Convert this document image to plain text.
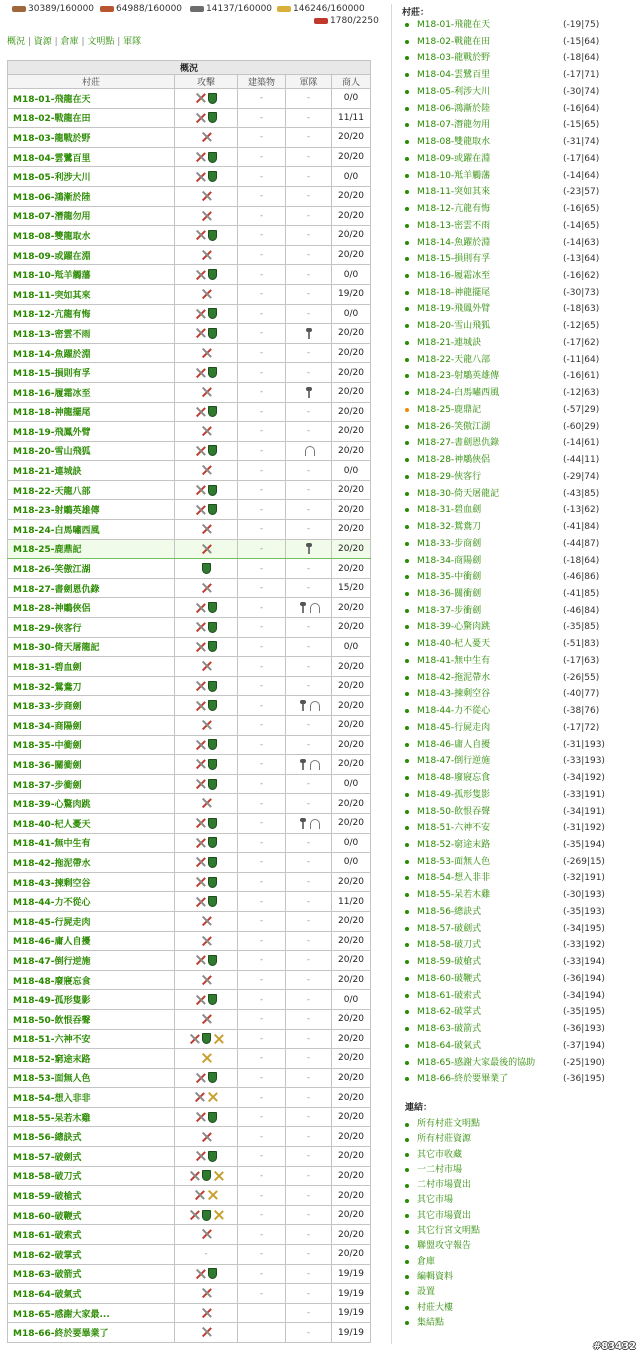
30389/160000	64988/160000	14137/160000	146246/160000
1780/2250
概況 | 資源 | 倉庫 | 文明點 | 軍隊
概況				
村莊	攻擊	建築物	軍隊	商人
M18-01-飛龍在天		-	-	0/0
M18-02-戰龍在田		-	-	11/11
M18-03-龍戰於野		-	-	20/20
M18-04-雲鷺百里		-	-	20/20
M18-05-利涉大川		-	-	0/0
M18-06-鴻漸於陸		-	-	20/20
M18-07-潛龍勿用		-	-	20/20
M18-08-雙龍取水		-	-	20/20
M18-09-或躍在淵		-	-	20/20
M18-10-羝羊觸藩		-	-	0/0
M18-11-突如其來		-	-	19/20
M18-12-亢龍有悔		-	-	0/0
M18-13-密雲不雨		-		20/20
M18-14-魚躍於淵		-	-	20/20
M18-15-損則有孚		-	-	20/20
M18-16-履霜冰至		-		20/20
M18-18-神龍擺尾		-	-	20/20
M18-19-飛鳳外臂		-	-	20/20
M18-20-雪山飛狐		-		20/20
M18-21-連城訣		-	-	0/0
M18-22-天龍八部		-	-	20/20
M18-23-射鵰英雄傳		-	-	20/20
M18-24-白馬嘯西風		-	-	20/20
M18-25-鹿鼎記		-		20/20
M18-26-笑傲江湖		-	-	20/20
M18-27-書劍恩仇錄		-	-	15/20
M18-28-神鵰俠侶		-		20/20
M18-29-俠客行		-	-	20/20
M18-30-倚天屠龍記		-	-	0/0
M18-31-碧血劍		-	-	20/20
M18-32-鴛鴦刀		-	-	20/20
M18-33-步商劍		-		20/20
M18-34-商陽劍		-	-	20/20
M18-35-中衝劍		-	-	20/20
M18-36-關衝劍		-		20/20
M18-37-步衝劍		-	-	0/0
M18-39-心驚肉跳		-	-	20/20
M18-40-杞人憂天		-		20/20
M18-41-無中生有		-	-	0/0
M18-42-拖泥帶水		-	-	0/0
M18-43-揀剩空谷		-	-	20/20
M18-44-力不從心		-	-	11/20
M18-45-行屍走肉		-	-	20/20
M18-46-庸人自擾		-	-	20/20
M18-47-倒行逆施		-	-	20/20
M18-48-廢寢忘食		-	-	20/20
M18-49-孤形隻影		-	-	0/0
M18-50-飲恨吞聲		-	-	20/20
M18-51-六神不安		-	-	20/20
M18-52-窮途末路		-	-	20/20
M18-53-面無人色		-	-	20/20
M18-54-想入非非		-	-	20/20
M18-55-呆若木雞		-	-	20/20
M18-56-總訣式		-	-	20/20
M18-57-破劍式		-	-	20/20
M18-58-破刀式		-	-	20/20
M18-59-破槍式		-	-	20/20
M18-60-破鞭式		-	-	20/20
M18-61-破索式		-	-	20/20
M18-62-破掌式	-	-	-	20/20
M18-63-破箭式		-	-	19/19
M18-64-破氣式		-	-	19/19
M18-65-感謝大家最...			-	19/19
M18-66-終於要畢業了			-	19/19
村莊：
M18-01-飛龍在天	(-19|75)
M18-02-戰龍在田	(-15|64)
M18-03-龍戰於野	(-18|64)
M18-04-雲鷺百里	(-17|71)
M18-05-利涉大川	(-30|74)
M18-06-鴻漸於陸	(-16|64)
M18-07-潛龍勿用	(-15|65)
M18-08-雙龍取水	(-31|74)
M18-09-或躍在淵	(-17|64)
M18-10-羝羊觸藩	(-14|64)
M18-11-突如其來	(-23|57)
M18-12-亢龍有悔	(-16|65)
M18-13-密雲不雨	(-14|65)
M18-14-魚躍於淵	(-14|63)
M18-15-損則有孚	(-13|64)
M18-16-履霜冰至	(-16|62)
M18-18-神龍擺尾	(-30|73)
M18-19-飛鳳外臂	(-18|63)
M18-20-雪山飛狐	(-12|65)
M18-21-連城訣	(-17|62)
M18-22-天龍八部	(-11|64)
M18-23-射鵰英雄傳	(-16|61)
M18-24-白馬嘯西風	(-12|63)
M18-25-鹿鼎記	(-57|29)
M18-26-笑傲江湖	(-60|29)
M18-27-書劍恩仇錄	(-14|61)
M18-28-神鵰俠侶	(-44|11)
M18-29-俠客行	(-29|74)
M18-30-倚天屠龍記	(-43|85)
M18-31-碧血劍	(-13|62)
M18-32-鴛鴦刀	(-41|84)
M18-33-步商劍	(-44|87)
M18-34-商陽劍	(-18|64)
M18-35-中衝劍	(-46|86)
M18-36-關衝劍	(-41|85)
M18-37-步衝劍	(-46|84)
M18-39-心驚肉跳	(-35|85)
M18-40-杞人憂天	(-51|83)
M18-41-無中生有	(-17|63)
M18-42-拖泥帶水	(-26|55)
M18-43-揀剩空谷	(-40|77)
M18-44-力不從心	(-38|76)
M18-45-行屍走肉	(-17|72)
M18-46-庸人自擾	(-31|193)
M18-47-倒行逆施	(-33|193)
M18-48-廢寢忘食	(-34|192)
M18-49-孤形隻影	(-33|191)
M18-50-飲恨吞聲	(-34|191)
M18-51-六神不安	(-31|192)
M18-52-窮途末路	(-35|194)
M18-53-面無人色	(-269|15)
M18-54-想入非非	(-32|191)
M18-55-呆若木雞	(-30|193)
M18-56-總訣式	(-35|193)
M18-57-破劍式	(-34|195)
M18-58-破刀式	(-33|192)
M18-59-破槍式	(-33|194)
M18-60-破鞭式	(-36|194)
M18-61-破索式	(-34|194)
M18-62-破掌式	(-35|195)
M18-63-破箭式	(-36|193)
M18-64-破氣式	(-37|194)
M18-65-感謝大家最後的協助	(-25|190)
M18-66-終於要畢業了	(-36|195)
連結：
所有村莊文明點
所有村莊資源
其它市收藏
一二村市場
二村市場賣出
其它市場
其它市場賣出
其它行宮文明點
聯盟攻守報告
倉庫
編輯資料
設置
村莊大樓
集結點
#83432
